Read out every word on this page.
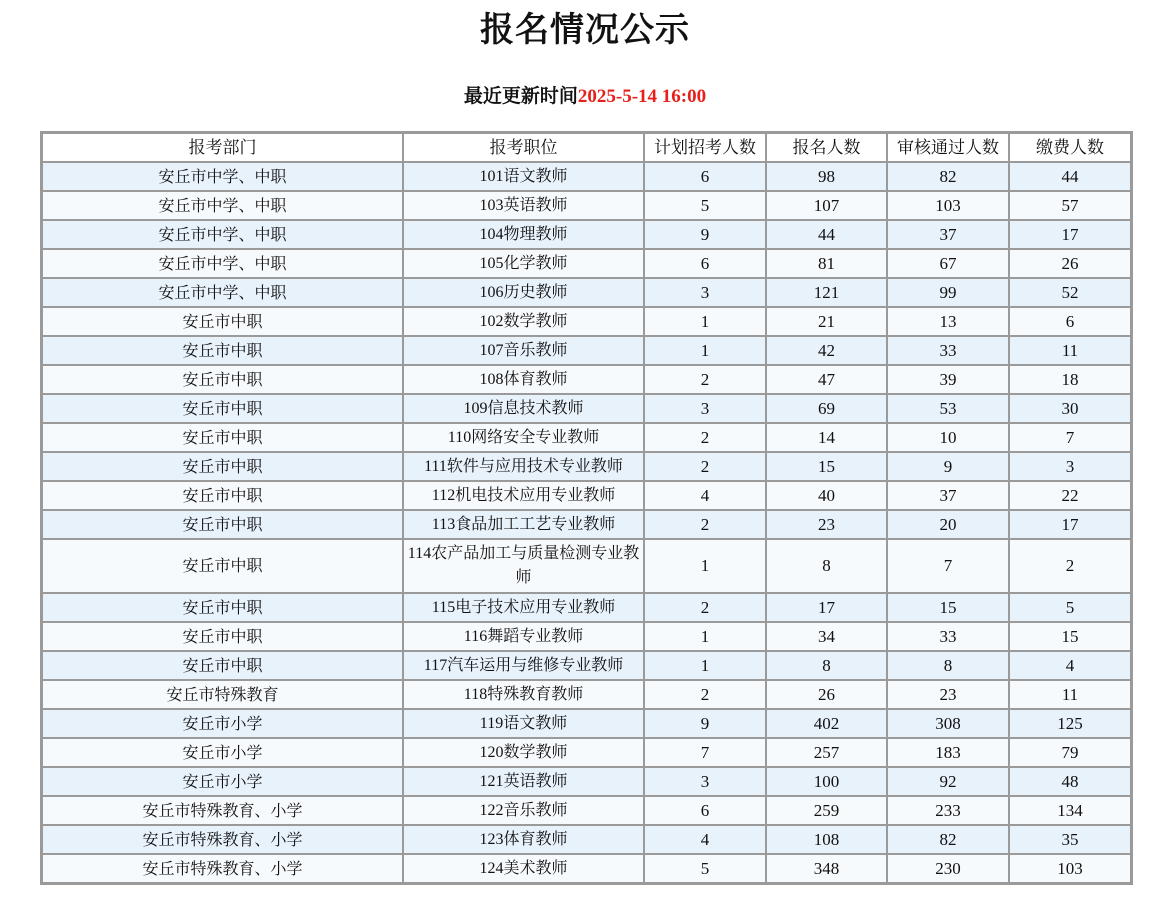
报名情况公示
最近更新时间2025-5-14 16:00
报考部门	报考职位	计划招考人数	报名人数	审核通过人数	缴费人数
安丘市中学、中职	101语文教师	6	98	82	44
安丘市中学、中职	103英语教师	5	107	103	57
安丘市中学、中职	104物理教师	9	44	37	17
安丘市中学、中职	105化学教师	6	81	67	26
安丘市中学、中职	106历史教师	3	121	99	52
安丘市中职	102数学教师	1	21	13	6
安丘市中职	107音乐教师	1	42	33	11
安丘市中职	108体育教师	2	47	39	18
安丘市中职	109信息技术教师	3	69	53	30
安丘市中职	110网络安全专业教师	2	14	10	7
安丘市中职	111软件与应用技术专业教师	2	15	9	3
安丘市中职	112机电技术应用专业教师	4	40	37	22
安丘市中职	113食品加工工艺专业教师	2	23	20	17
安丘市中职	114农产品加工与质量检测专业教师	1	8	7	2
安丘市中职	115电子技术应用专业教师	2	17	15	5
安丘市中职	116舞蹈专业教师	1	34	33	15
安丘市中职	117汽车运用与维修专业教师	1	8	8	4
安丘市特殊教育	118特殊教育教师	2	26	23	11
安丘市小学	119语文教师	9	402	308	125
安丘市小学	120数学教师	7	257	183	79
安丘市小学	121英语教师	3	100	92	48
安丘市特殊教育、小学	122音乐教师	6	259	233	134
安丘市特殊教育、小学	123体育教师	4	108	82	35
安丘市特殊教育、小学	124美术教师	5	348	230	103
